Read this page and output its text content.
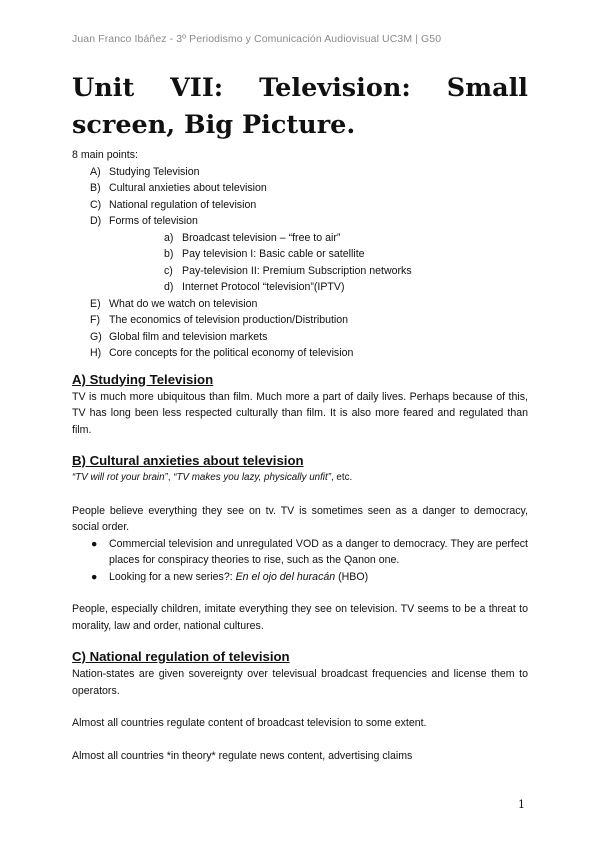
Juan Franco Ibáñez - 3º Periodismo y Comunicación Audiovisual UC3M | G50
Unit VII: Television: Small screen, Big Picture.

8 main points:

A) Studying Television
B) Cultural anxieties about television
C) National regulation of television
D) Forms of television
a) Broadcast television – “free to air”
b) Pay television I: Basic cable or satellite
c) Pay-television II: Premium Subscription networks
d) Internet Protocol “television”(IPTV)
E) What do we watch on television
F) The economics of television production/Distribution
G) Global film and television markets
H) Core concepts for the political economy of television
A) Studying Television

TV is much more ubiquitous than film. Much more a part of daily lives. Perhaps because of this, TV has long been less respected culturally than film. It is also more feared and regulated than film.

B) Cultural anxieties about television

“TV will rot your brain”, “TV makes you lazy, physically unfit”, etc.

People believe everything they see on tv. TV is sometimes seen as a danger to democracy, social order.

● Commercial television and unregulated VOD as a danger to democracy. They are perfect places for conspiracy theories to rise, such as the Qanon one.
● Looking for a new series?: En el ojo del huracán (HBO)

People, especially children, imitate everything they see on television. TV seems to be a threat to morality, law and order, national cultures.

C) National regulation of television

Nation-states are given sovereignty over televisual broadcast frequencies and license them to operators.

Almost all countries regulate content of broadcast television to some extent.

Almost all countries *in theory* regulate news content, advertising claims

1
